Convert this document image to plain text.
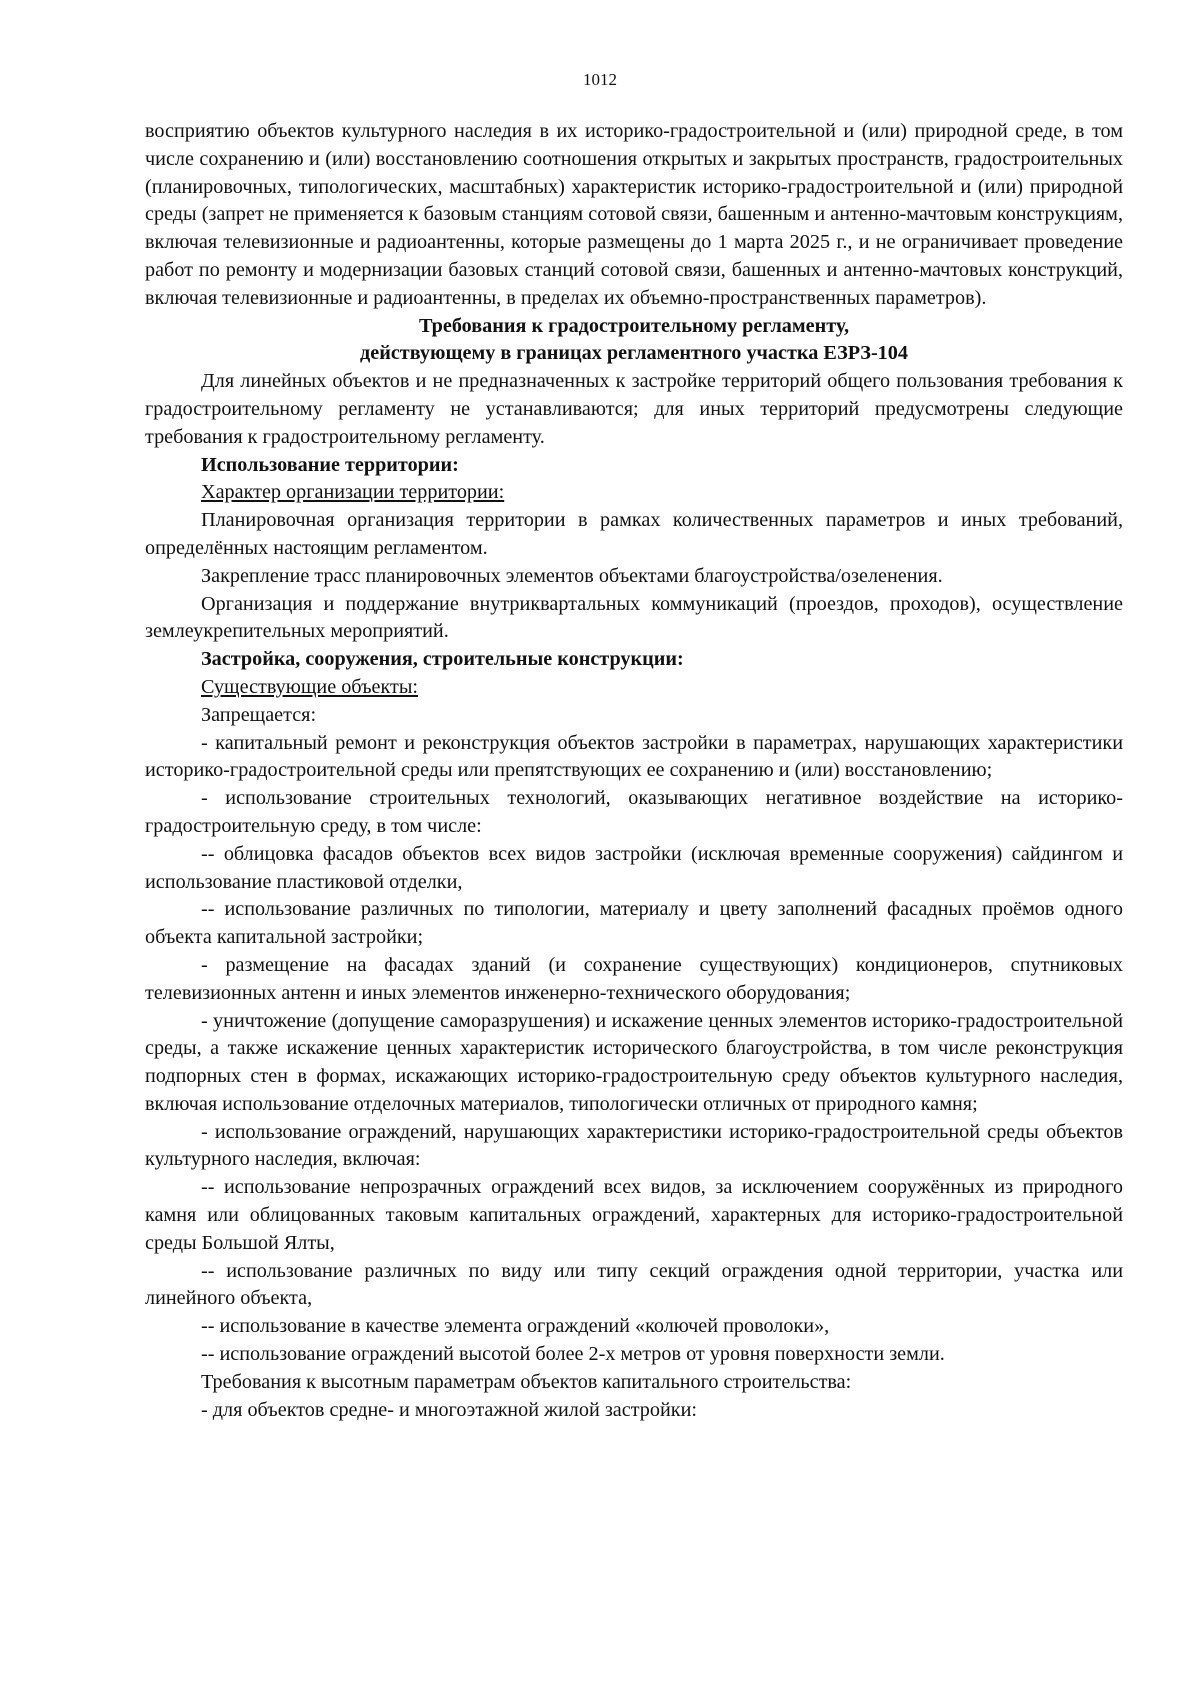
1012

восприятию объектов культурного наследия в их историко-градостроительной и (или) природной среде, в том числе сохранению и (или) восстановлению соотношения открытых и закрытых пространств, градостроительных (планировочных, типологических, масштабных) характеристик историко-градостроительной и (или) природной среды (запрет не применяется к базовым станциям сотовой связи, башенным и антенно-мачтовым конструкциям, включая телевизионные и радиоантенны, которые размещены до 1 марта 2025 г., и не ограничивает проведение работ по ремонту и модернизации базовых станций сотовой связи, башенных и антенно-мачтовых конструкций, включая телевизионные и радиоантенны, в пределах их объемно-пространственных параметров).

Требования к градостроительному регламенту,

действующему в границах регламентного участка ЕЗРЗ-104

Для линейных объектов и не предназначенных к застройке территорий общего пользования требования к градостроительному регламенту не устанавливаются; для иных территорий предусмотрены следующие требования к градостроительному регламенту.

Использование территории:

Характер организации территории:

Планировочная организация территории в рамках количественных параметров и иных требований, определённых настоящим регламентом.

Закрепление трасс планировочных элементов объектами благоустройства/озеленения.

Организация и поддержание внутриквартальных коммуникаций (проездов, проходов), осуществление землеукрепительных мероприятий.

Застройка, сооружения, строительные конструкции:

Существующие объекты:

Запрещается:

- капитальный ремонт и реконструкция объектов застройки в параметрах, нарушающих характеристики историко-градостроительной среды или препятствующих ее сохранению и (или) восстановлению;

- использование строительных технологий, оказывающих негативное воздействие на историко-градостроительную среду, в том числе:

-- облицовка фасадов объектов всех видов застройки (исключая временные сооружения) сайдингом и использование пластиковой отделки,

-- использование различных по типологии, материалу и цвету заполнений фасадных проёмов одного объекта капитальной застройки;

- размещение на фасадах зданий (и сохранение существующих) кондиционеров, спутниковых телевизионных антенн и иных элементов инженерно-технического оборудования;

- уничтожение (допущение саморазрушения) и искажение ценных элементов историко-градостроительной среды, а также искажение ценных характеристик исторического благоустройства, в том числе реконструкция подпорных стен в формах, искажающих историко-градостроительную среду объектов культурного наследия, включая использование отделочных материалов, типологически отличных от природного камня;

- использование ограждений, нарушающих характеристики историко-градостроительной среды объектов культурного наследия, включая:

-- использование непрозрачных ограждений всех видов, за исключением сооружённых из природного камня или облицованных таковым капитальных ограждений, характерных для историко-градостроительной среды Большой Ялты,

-- использование различных по виду или типу секций ограждения одной территории, участка или линейного объекта,

-- использование в качестве элемента ограждений «колючей проволоки»,

-- использование ограждений высотой более 2-х метров от уровня поверхности земли.

Требования к высотным параметрам объектов капитального строительства:

- для объектов средне- и многоэтажной жилой застройки:
